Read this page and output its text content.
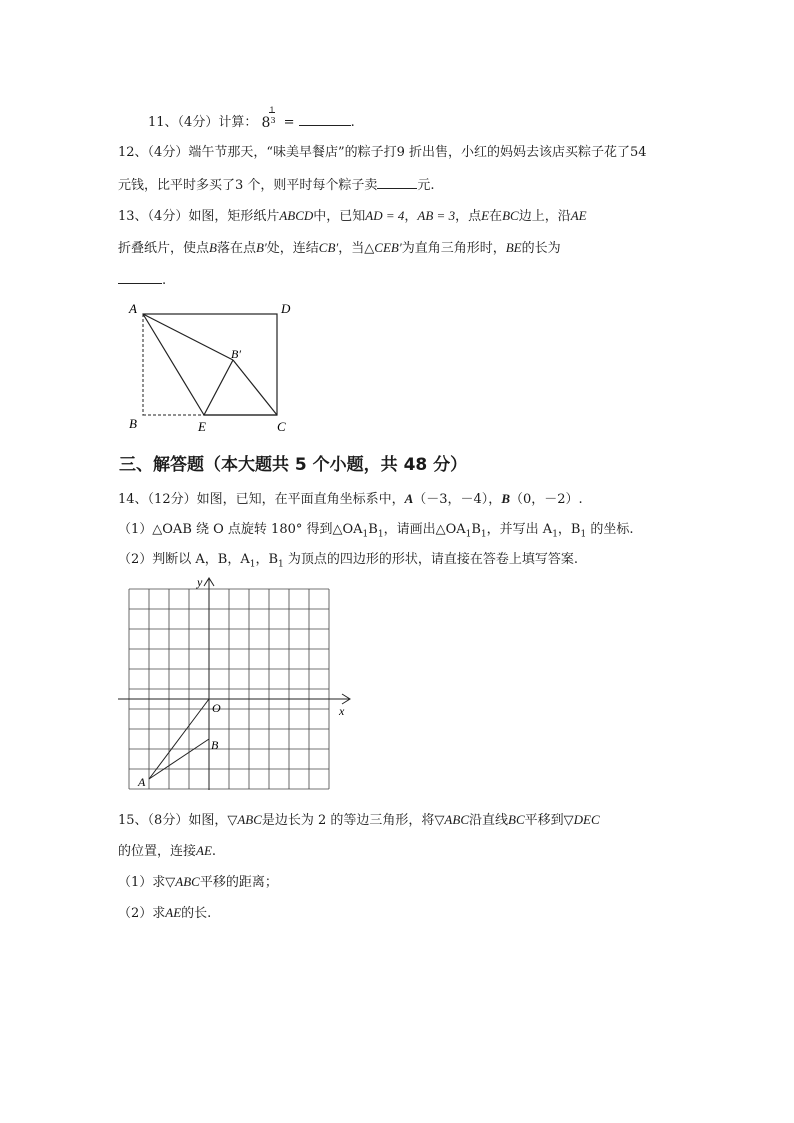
11、（4分）计算： 8
1
3 =	.
12、（4分）端午节那天，“味美早餐店”的粽子打9 折出售，小红的妈妈去该店买粽子花了54
元钱，比平时多买了3 个，则平时每个粽子卖	元.
13、（4分）如图，矩形纸片ABCD中，已知AD = 4，AB = 3，点E在BC边上，沿AE
折叠纸片，使点B落在点B′处，连结CB′，当△CEB′为直角三角形时，BE的长为
.
A	D
B′
B	E	C
三、解答题（本大题共 5 个小题，共 48 分）
14、（12分）如图，已知，在平面直角坐标系中，A（－3，－4），B（0，－2）.
（1）△OAB 绕 O 点旋转 180° 得到$\triangle OA_1B_1$，请画出$\triangle OA_1B_1$，并写出 $A_1$，$B_1$ 的坐标.
（2）判断以 A，B，$A_1$，$B_1$ 为顶点的四边形的形状，请直接在答卷上填写答案.
y
x
O
B
A
15、（8分）如图，▽ABC是边长为 2 的等边三角形，将▽ABC沿直线BC平移到▽DEC
的位置，连接AE.
（1）求▽ABC平移的距离；
（2）求AE的长.
